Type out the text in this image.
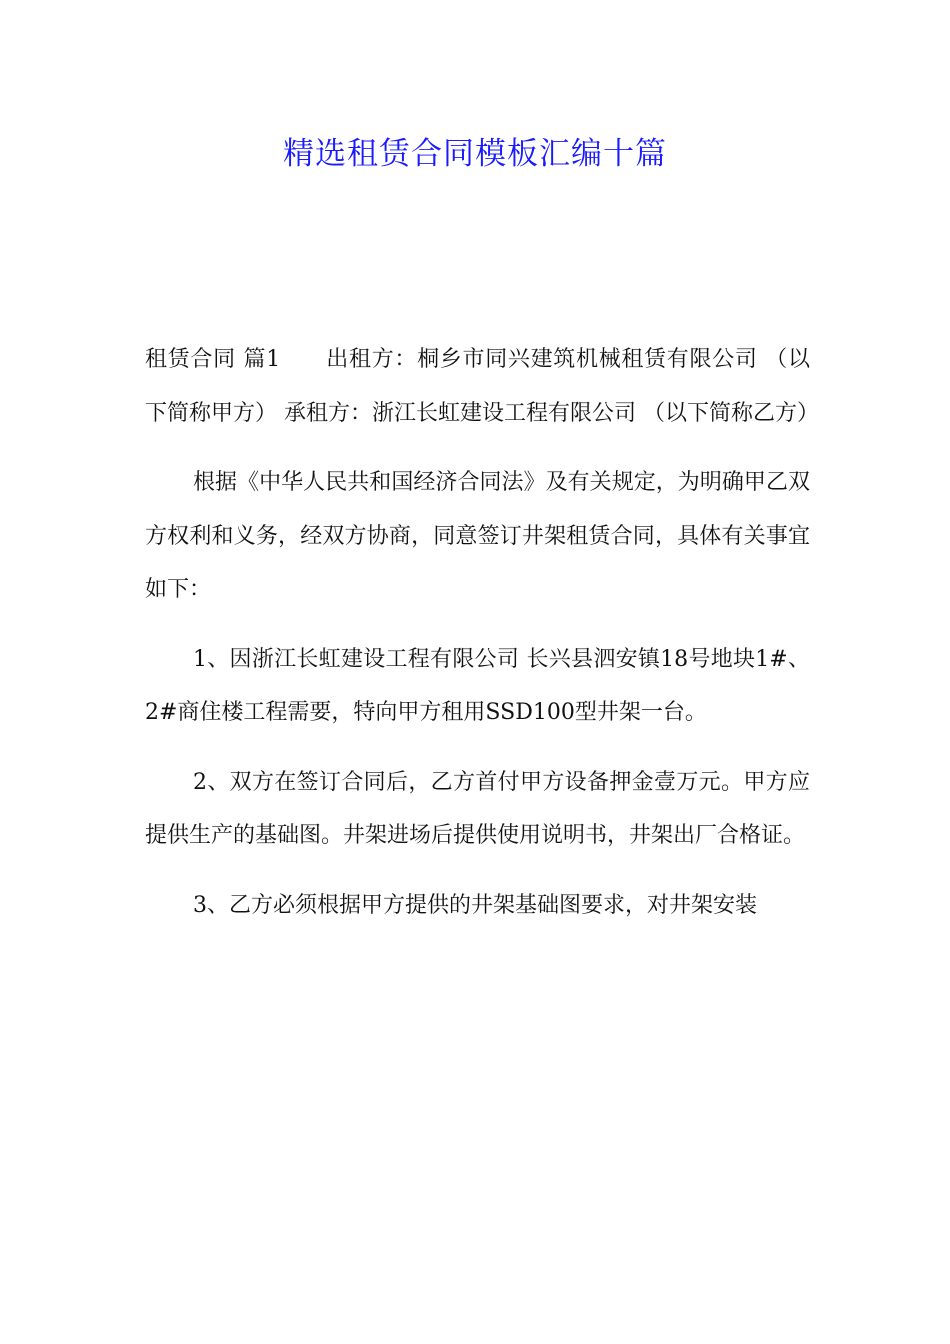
精选租赁合同模板汇编十篇

租赁合同 篇1　　出租方：桐乡市同兴建筑机械租赁有限公司 （以下简称甲方） 承租方：浙江长虹建设工程有限公司 （以下简称乙方）

根据《中华人民共和国经济合同法》及有关规定，为明确甲乙双方权利和义务，经双方协商，同意签订井架租赁合同，具体有关事宜如下：

1、因浙江长虹建设工程有限公司 长兴县泗安镇18号地块1#、2#商住楼工程需要，特向甲方租用SSD100型井架一台。

2、双方在签订合同后，乙方首付甲方设备押金壹万元。甲方应提供生产的基础图。井架进场后提供使用说明书，井架出厂合格证。

3、乙方必须根据甲方提供的井架基础图要求，对井架安装
